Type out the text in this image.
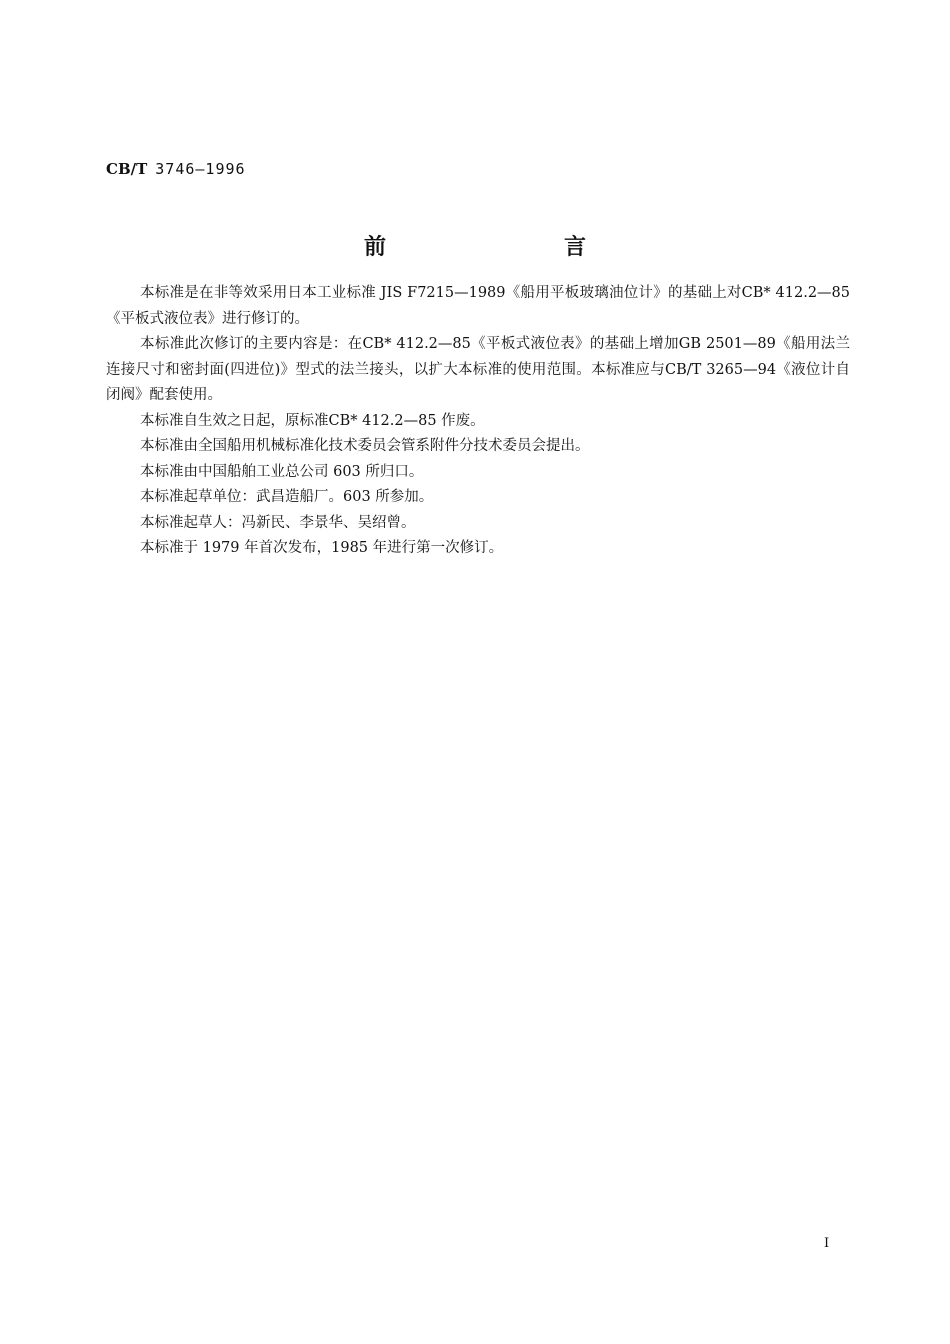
CB/T 3746—1996
前　言

本标准是在非等效采用日本工业标准 JIS F7215—1989《船用平板玻璃油位计》的基础上对CB* 412.2—85《平板式液位表》进行修订的。

本标准此次修订的主要内容是：在CB* 412.2—85《平板式液位表》的基础上增加GB 2501—89《船用法兰连接尺寸和密封面(四进位)》型式的法兰接头，以扩大本标准的使用范围。本标准应与CB/T 3265—94《液位计自闭阀》配套使用。

本标准自生效之日起，原标准CB* 412.2—85 作废。

本标准由全国船用机械标准化技术委员会管系附件分技术委员会提出。

本标准由中国船舶工业总公司 603 所归口。

本标准起草单位：武昌造船厂。603 所参加。

本标准起草人：冯新民、李景华、吴绍曾。

本标准于 1979 年首次发布，1985 年进行第一次修订。

I
